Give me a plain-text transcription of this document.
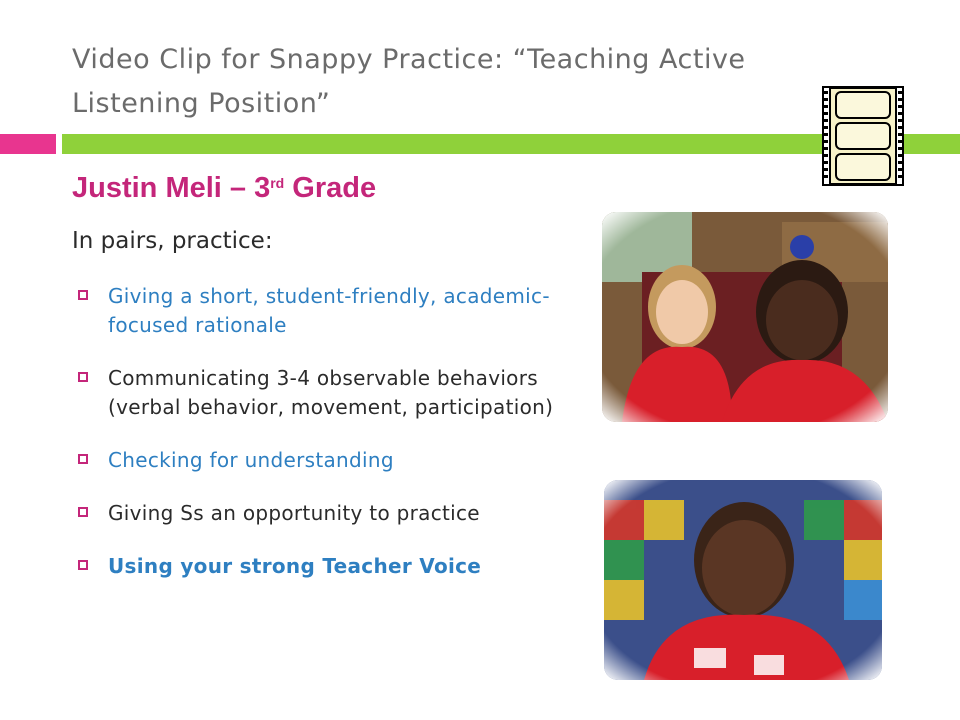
Video Clip for Snappy Practice: “Teaching Active Listening Position”
Justin Meli – 3rd Grade
In pairs, practice:
Giving a short, student-friendly, academic-focused rationale
Communicating 3-4 observable behaviors (verbal behavior, movement, participation)
Checking for understanding
Giving Ss an opportunity to practice
Using your strong Teacher Voice
